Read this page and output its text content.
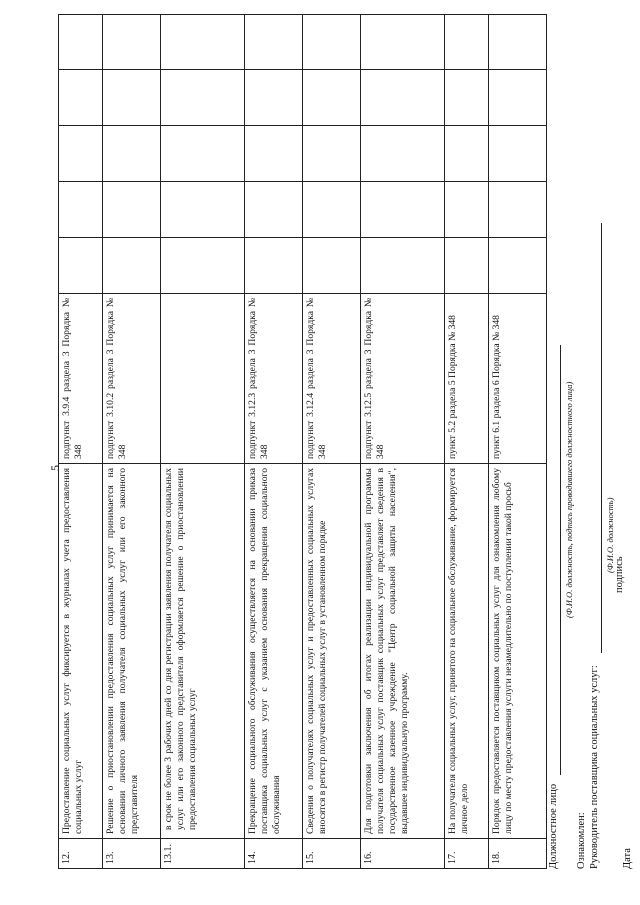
5
12.	Предоставление социальных услуг фиксируется в журналах учета предоставления социальных услуг	подпункт 3.9.4 раздела 3 Порядка № 348					
13.	Решение о приостановлении предоставления социальных услуг принимается на основании личного заявления получателя социальных услуг или его законного представителя	подпункт 3.10.2 раздела 3 Порядка № 348					
13.1.	в срок не более 3 рабочих дней со дня регистрации заявления получателя социальных услуг или его законного представителя оформляется решение о приостановлении предоставления социальных услуг						
14.	Прекращение социального обслуживания осуществляется на основании приказа поставщика социальных услуг с указанием основания прекращения социального обслуживания	подпункт 3.12.3 раздела 3 Порядка № 348					
15.	Сведения о получателях социальных услуг и предоставленных социальных услугах вносятся в регистр получателей социальных услуг в установленном порядке	подпункт 3.12.4 раздела 3 Порядка № 348					
16.	Для подготовки заключения об итогах реализации индивидуальной программы получателя социальных услуг поставщик социальных услуг представляет сведения в государственное казенное учреждение "Центр социальной защиты населения", выдавшее индивидуальную программу.	подпункт 3.12.5 раздела 3 Порядка № 348					
17.	На получателя социальных услуг, принятого на социальное обслуживание, формируется личное дело	пункт 5.2 раздела 5 Порядка № 348					
18.	Порядок предоставляется поставщиком социальных услуг для ознакомления любому лицу по месту предоставления услуги незамедлительно по поступлении такой просьб	пункт 6.1 раздела 6 Порядка № 348					
Должностное лицо
(Ф.И.О. должность, подпись проводившего должностного лица)
Ознакомлен: Руководитель поставщика социальных услуг:
(Ф.И.О. должность)
Дата
подпись
